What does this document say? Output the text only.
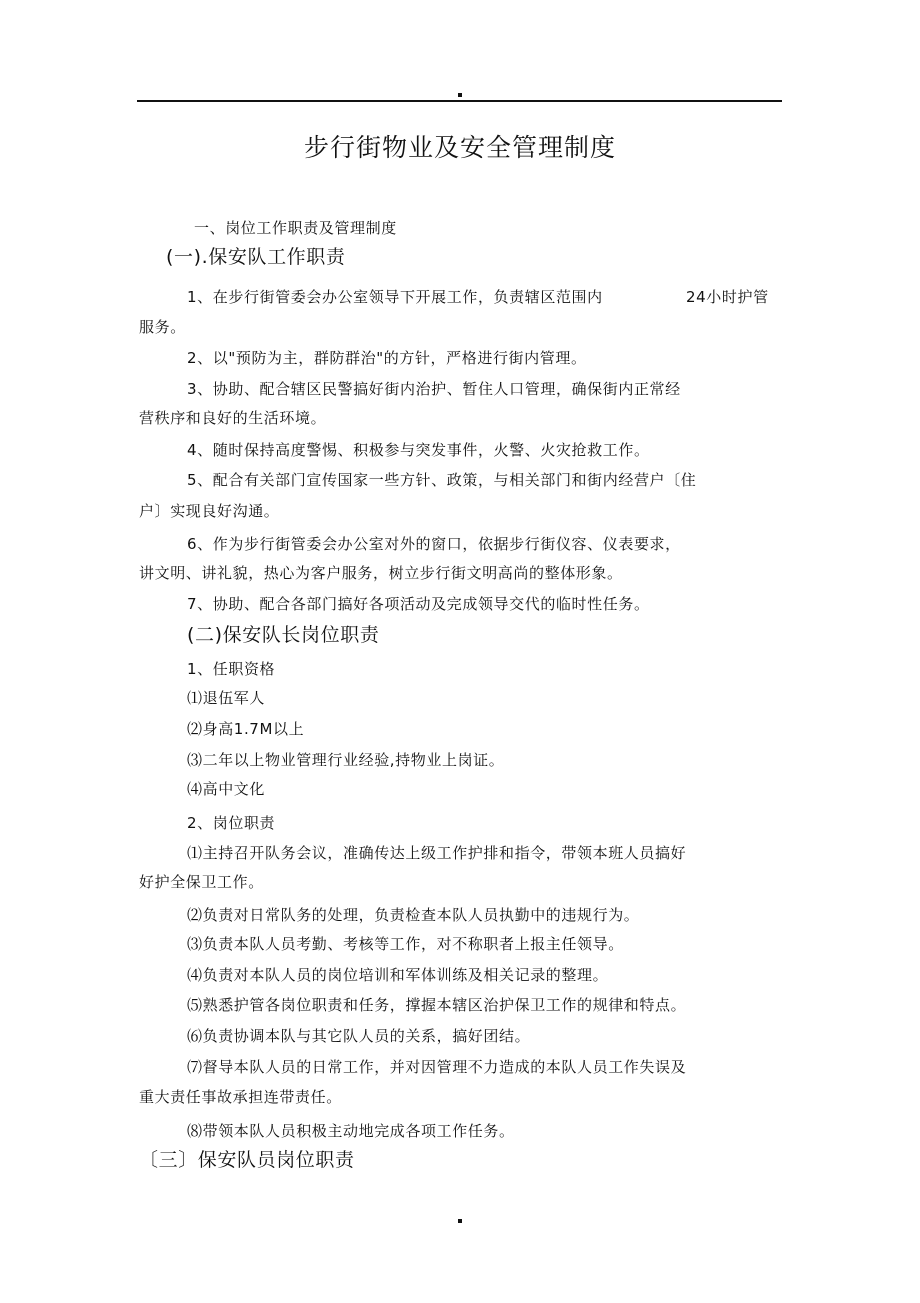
步行街物业及安全管理制度
一、岗位工作职责及管理制度
(一).保安队工作职责
1、在步行街管委会办公室领导下开展工作，负责辖区范围内	24小时护管
服务。
2、以"预防为主，群防群治"的方针，严格进行街内管理。
3、协助、配合辖区民警搞好街内治护、暂住人口管理，确保街内正常经
营秩序和良好的生活环境。
4、随时保持高度警惕、积极参与突发事件，火警、火灾抢救工作。
5、配合有关部门宣传国家一些方针、政策，与相关部门和街内经营户〔住
户〕实现良好沟通。
6、作为步行街管委会办公室对外的窗口，依据步行街仪容、仪表要求，
讲文明、讲礼貌，热心为客户服务，树立步行街文明高尚的整体形象。
7、协助、配合各部门搞好各项活动及完成领导交代的临时性任务。
(二)保安队长岗位职责
1、任职资格
⑴退伍军人
⑵身高1.7M以上
⑶二年以上物业管理行业经验,持物业上岗证。
⑷高中文化
2、岗位职责
⑴主持召开队务会议，准确传达上级工作护排和指令，带领本班人员搞好
好护全保卫工作。
⑵负责对日常队务的处理，负责检查本队人员执勤中的违规行为。
⑶负责本队人员考勤、考核等工作，对不称职者上报主任领导。
⑷负责对本队人员的岗位培训和军体训练及相关记录的整理。
⑸熟悉护管各岗位职责和任务，撑握本辖区治护保卫工作的规律和特点。
⑹负责协调本队与其它队人员的关系，搞好团结。
⑺督导本队人员的日常工作，并对因管理不力造成的本队人员工作失误及
重大责任事故承担连带责任。
⑻带领本队人员积极主动地完成各项工作任务。
〔三〕保安队员岗位职责
